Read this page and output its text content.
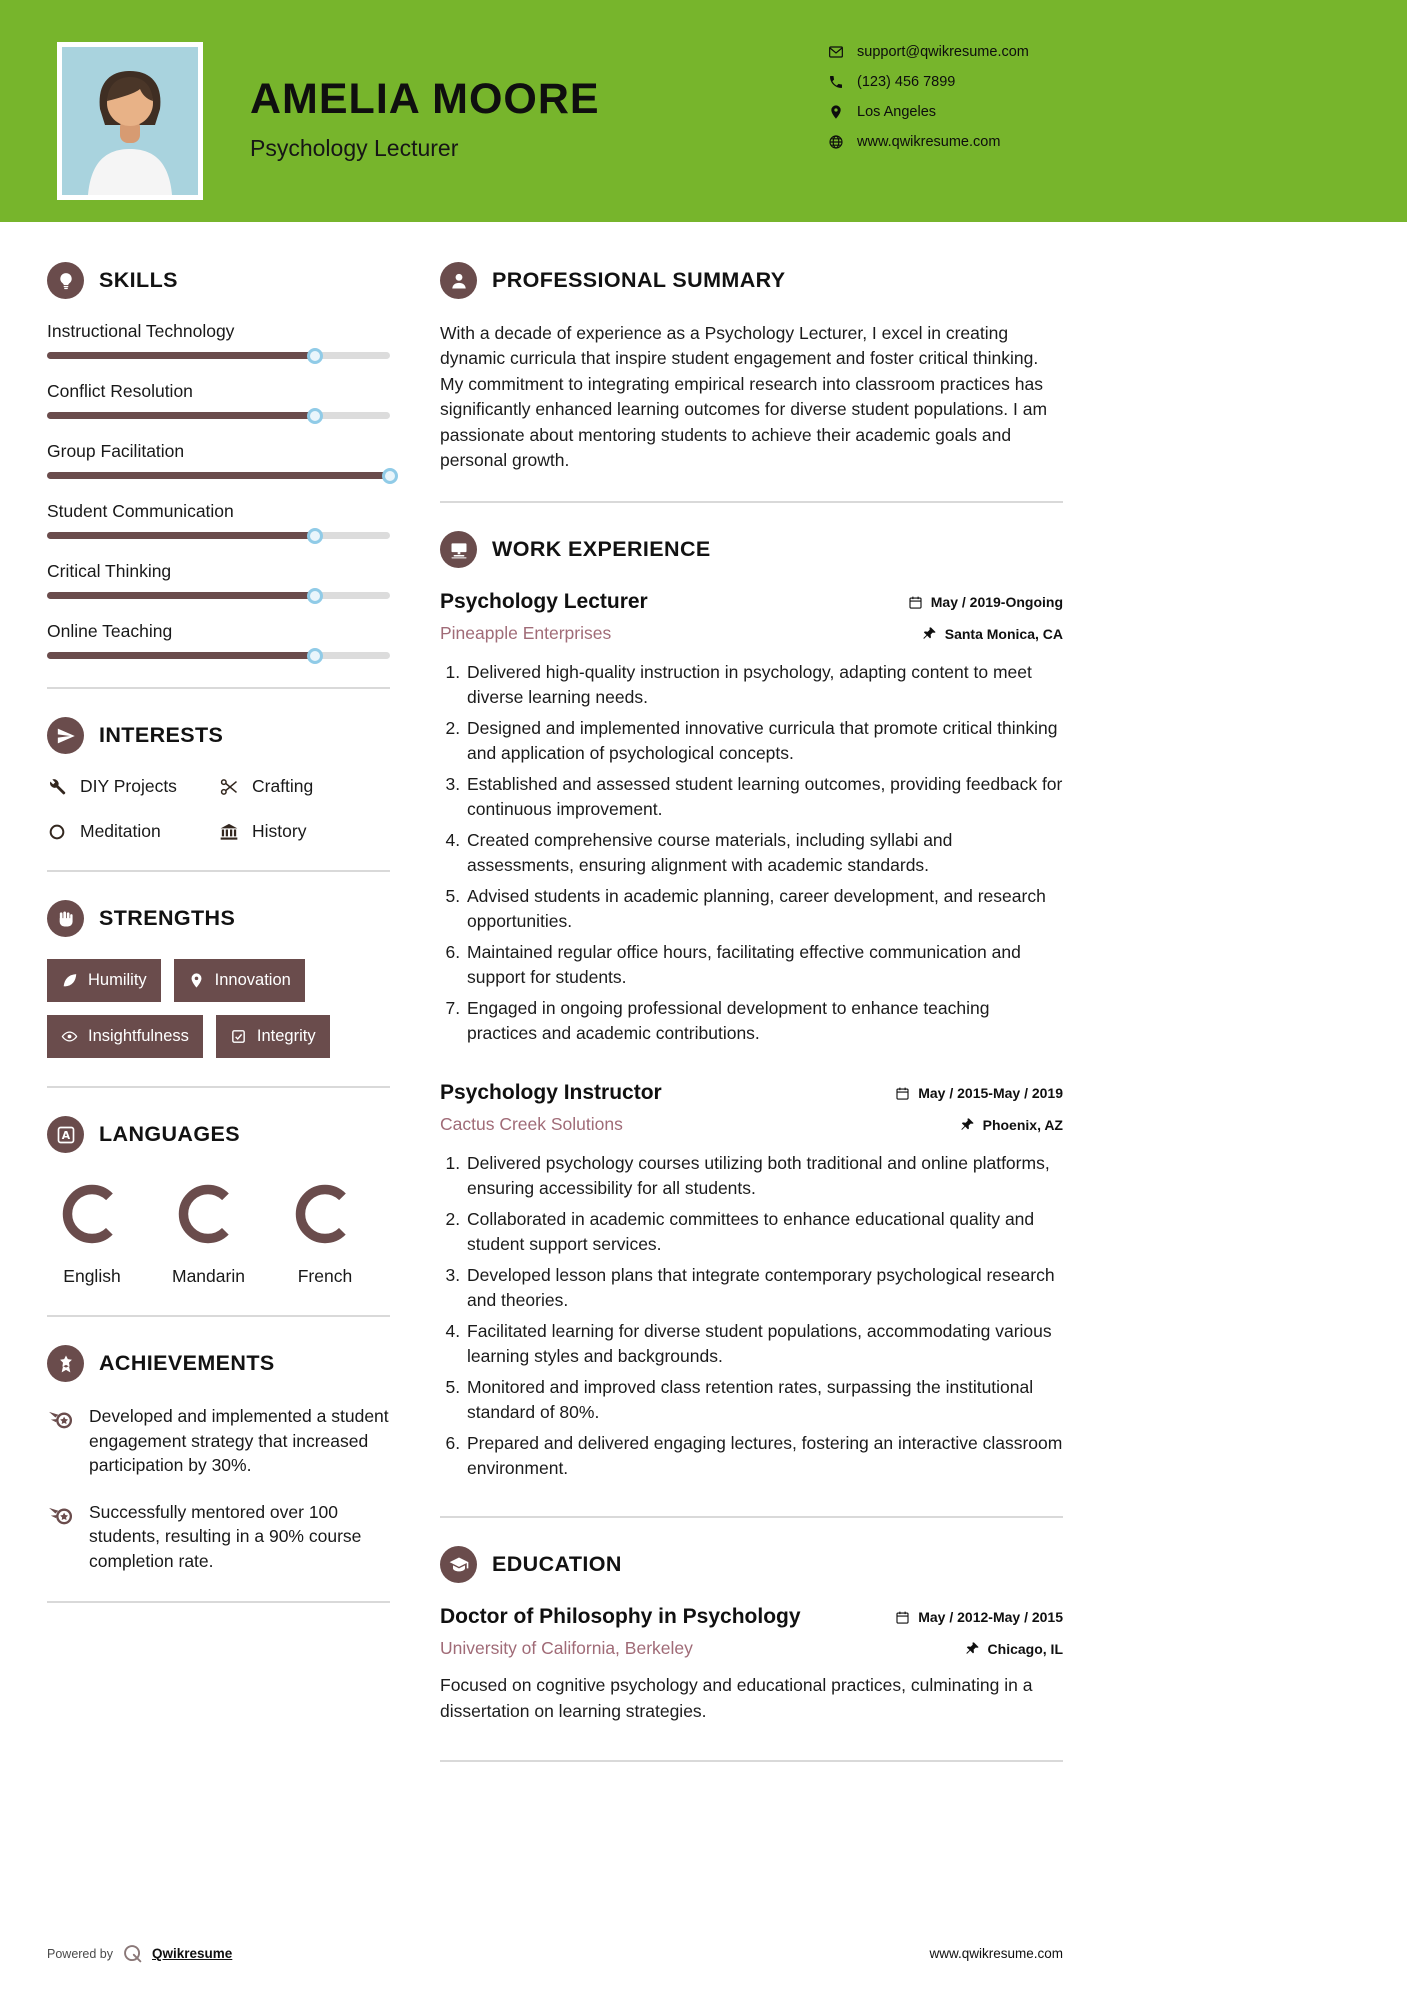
AMELIA MOORE
Psychology Lecturer
support@qwikresume.com
(123) 456 7899
Los Angeles
www.qwikresume.com
SKILLS
Instructional Technology
Conflict Resolution
Group Facilitation
Student Communication
Critical Thinking
Online Teaching
INTERESTS
DIY Projects	Crafting
Meditation	History
STRENGTHS
Humility	Innovation
Insightfulness	Integrity
A LANGUAGES
English	Mandarin	French
ACHIEVEMENTS

Developed and implemented a student engagement strategy that increased participation by 30%.

Successfully mentored over 100 students, resulting in a 90% course completion rate.

PROFESSIONAL SUMMARY

With a decade of experience as a Psychology Lecturer, I excel in creating dynamic curricula that inspire student engagement and foster critical thinking. My commitment to integrating empirical research into classroom practices has significantly enhanced learning outcomes for diverse student populations. I am passionate about mentoring students to achieve their academic goals and personal growth.

WORK EXPERIENCE
Psychology Lecturer	May / 2019-Ongoing
Pineapple Enterprises	Santa Monica, CA
1. Delivered high-quality instruction in psychology, adapting content to meet diverse learning needs.
2. Designed and implemented innovative curricula that promote critical thinking and application of psychological concepts.
3. Established and assessed student learning outcomes, providing feedback for continuous improvement.
4. Created comprehensive course materials, including syllabi and assessments, ensuring alignment with academic standards.
5. Advised students in academic planning, career development, and research opportunities.
6. Maintained regular office hours, facilitating effective communication and support for students.
7. Engaged in ongoing professional development to enhance teaching practices and academic contributions.
Psychology Instructor	May / 2015-May / 2019
Cactus Creek Solutions	Phoenix, AZ
1. Delivered psychology courses utilizing both traditional and online platforms, ensuring accessibility for all students.
2. Collaborated in academic committees to enhance educational quality and student support services.
3. Developed lesson plans that integrate contemporary psychological research and theories.
4. Facilitated learning for diverse student populations, accommodating various learning styles and backgrounds.
5. Monitored and improved class retention rates, surpassing the institutional standard of 80%.
6. Prepared and delivered engaging lectures, fostering an interactive classroom environment.
EDUCATION
Doctor of Philosophy in Psychology	May / 2012-May / 2015
University of California, Berkeley	Chicago, IL

Focused on cognitive psychology and educational practices, culminating in a dissertation on learning strategies.

Powered by	Qwikresume	www.qwikresume.com
